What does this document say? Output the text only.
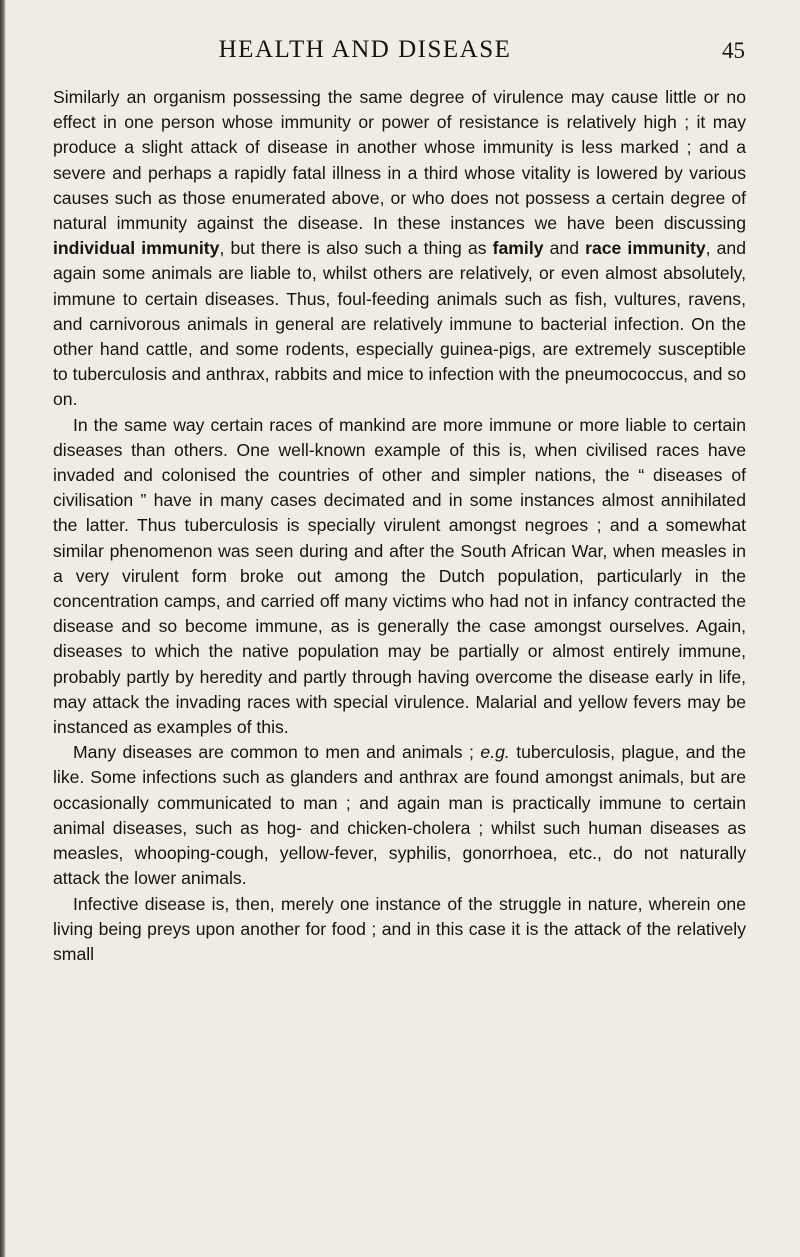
HEALTH AND DISEASE	45

Similarly an organism possessing the same degree of virulence may cause little or no effect in one person whose immunity or power of resistance is relatively high ; it may produce a slight attack of disease in another whose immunity is less marked ; and a severe and perhaps a rapidly fatal illness in a third whose vitality is lowered by various causes such as those enumerated above, or who does not possess a certain degree of natural immunity against the disease. In these instances we have been discussing individual immunity, but there is also such a thing as family and race immunity, and again some animals are liable to, whilst others are relatively, or even almost absolutely, immune to certain diseases. Thus, foul-feeding animals such as fish, vultures, ravens, and carnivorous animals in general are relatively immune to bacterial infection. On the other hand cattle, and some rodents, especially guinea-pigs, are extremely susceptible to tuberculosis and anthrax, rabbits and mice to infection with the pneumococcus, and so on.

In the same way certain races of mankind are more immune or more liable to certain diseases than others. One well-known example of this is, when civilised races have invaded and colonised the countries of other and simpler nations, the “ diseases of civilisation ” have in many cases decimated and in some instances almost annihilated the latter. Thus tuberculosis is specially virulent amongst negroes ; and a somewhat similar phenomenon was seen during and after the South African War, when measles in a very virulent form broke out among the Dutch population, particularly in the concentration camps, and carried off many victims who had not in infancy contracted the disease and so become immune, as is generally the case amongst ourselves. Again, diseases to which the native population may be partially or almost entirely immune, probably partly by heredity and partly through having overcome the disease early in life, may attack the invading races with special virulence. Malarial and yellow fevers may be instanced as examples of this.

Many diseases are common to men and animals ; e.g. tuberculosis, plague, and the like. Some infections such as glanders and anthrax are found amongst animals, but are occasionally communicated to man ; and again man is practically immune to certain animal diseases, such as hog- and chicken-cholera ; whilst such human diseases as measles, whooping-cough, yellow-fever, syphilis, gonorrhoea, etc., do not naturally attack the lower animals.

Infective disease is, then, merely one instance of the struggle in nature, wherein one living being preys upon another for food ; and in this case it is the attack of the relatively small
